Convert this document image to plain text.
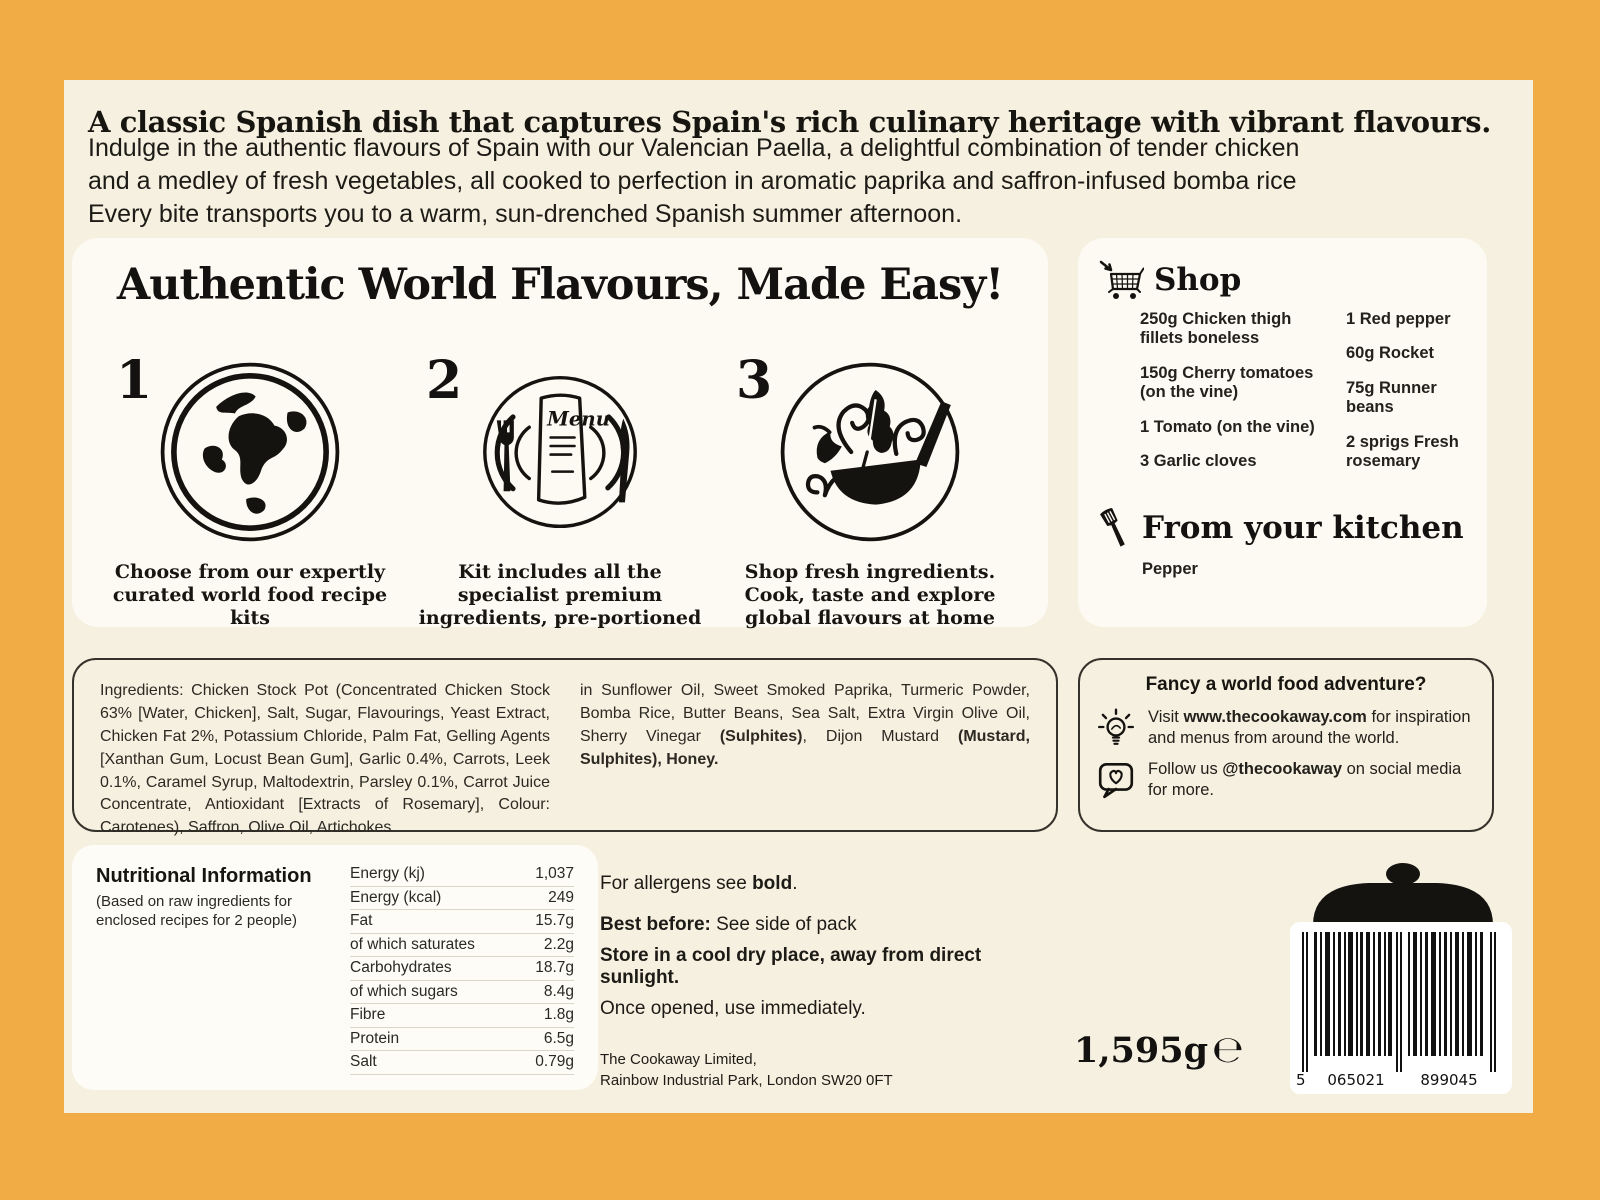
A classic Spanish dish that captures Spain's rich culinary heritage with vibrant flavours.
Indulge in the authentic flavours of Spain with our Valencian Paella, a delightful combination of tender chicken
and a medley of fresh vegetables, all cooked to perfection in aromatic paprika and saffron-infused bomba rice
Every bite transports you to a warm, sun-drenched Spanish summer afternoon.
Authentic World Flavours, Made Easy!
1
Choose from our expertly curated world food recipe kits
2
Menu
Kit includes all the specialist premium ingredients, pre-portioned
3
Shop fresh ingredients. Cook, taste and explore global flavours at home
Shop
250g Chicken thigh fillets boneless
150g Cherry tomatoes (on the vine)
1 Tomato (on the vine)
3 Garlic cloves
1 Red pepper
60g Rocket
75g Runner beans
2 sprigs Fresh rosemary
From your kitchen
Pepper
Ingredients: Chicken Stock Pot (Concentrated Chicken Stock 63% [Water, Chicken], Salt, Sugar, Flavourings, Yeast Extract, Chicken Fat 2%, Potassium Chloride, Palm Fat, Gelling Agents [Xanthan Gum, Locust Bean Gum], Garlic 0.4%, Carrots, Leek 0.1%, Caramel Syrup, Maltodextrin, Parsley 0.1%, Carrot Juice Concentrate, Antioxidant [Extracts of Rosemary], Colour: Carotenes), Saffron, Olive Oil, Artichokes
in Sunflower Oil, Sweet Smoked Paprika, Turmeric Powder, Bomba Rice, Butter Beans, Sea Salt, Extra Virgin Olive Oil, Sherry Vinegar (Sulphites), Dijon Mustard (Mustard, Sulphites), Honey.
Fancy a world food adventure?
Visit www.thecookaway.com for inspiration and menus from around the world.
Follow us @thecookaway on social media for more.
Nutritional Information
(Based on raw ingredients for enclosed recipes for 2 people)
Energy (kj)	1,037
Energy (kcal)	249
Fat	15.7g
of which saturates	2.2g
Carbohydrates	18.7g
of which sugars	8.4g
Fibre	1.8g
Protein	6.5g
Salt	0.79g
For allergens see bold.
Best before: See side of pack
Store in a cool dry place, away from direct sunlight.
Once opened, use immediately.
The Cookaway Limited,
Rainbow Industrial Park, London SW20 0FT
1,595g ℮
5	065021	899045
